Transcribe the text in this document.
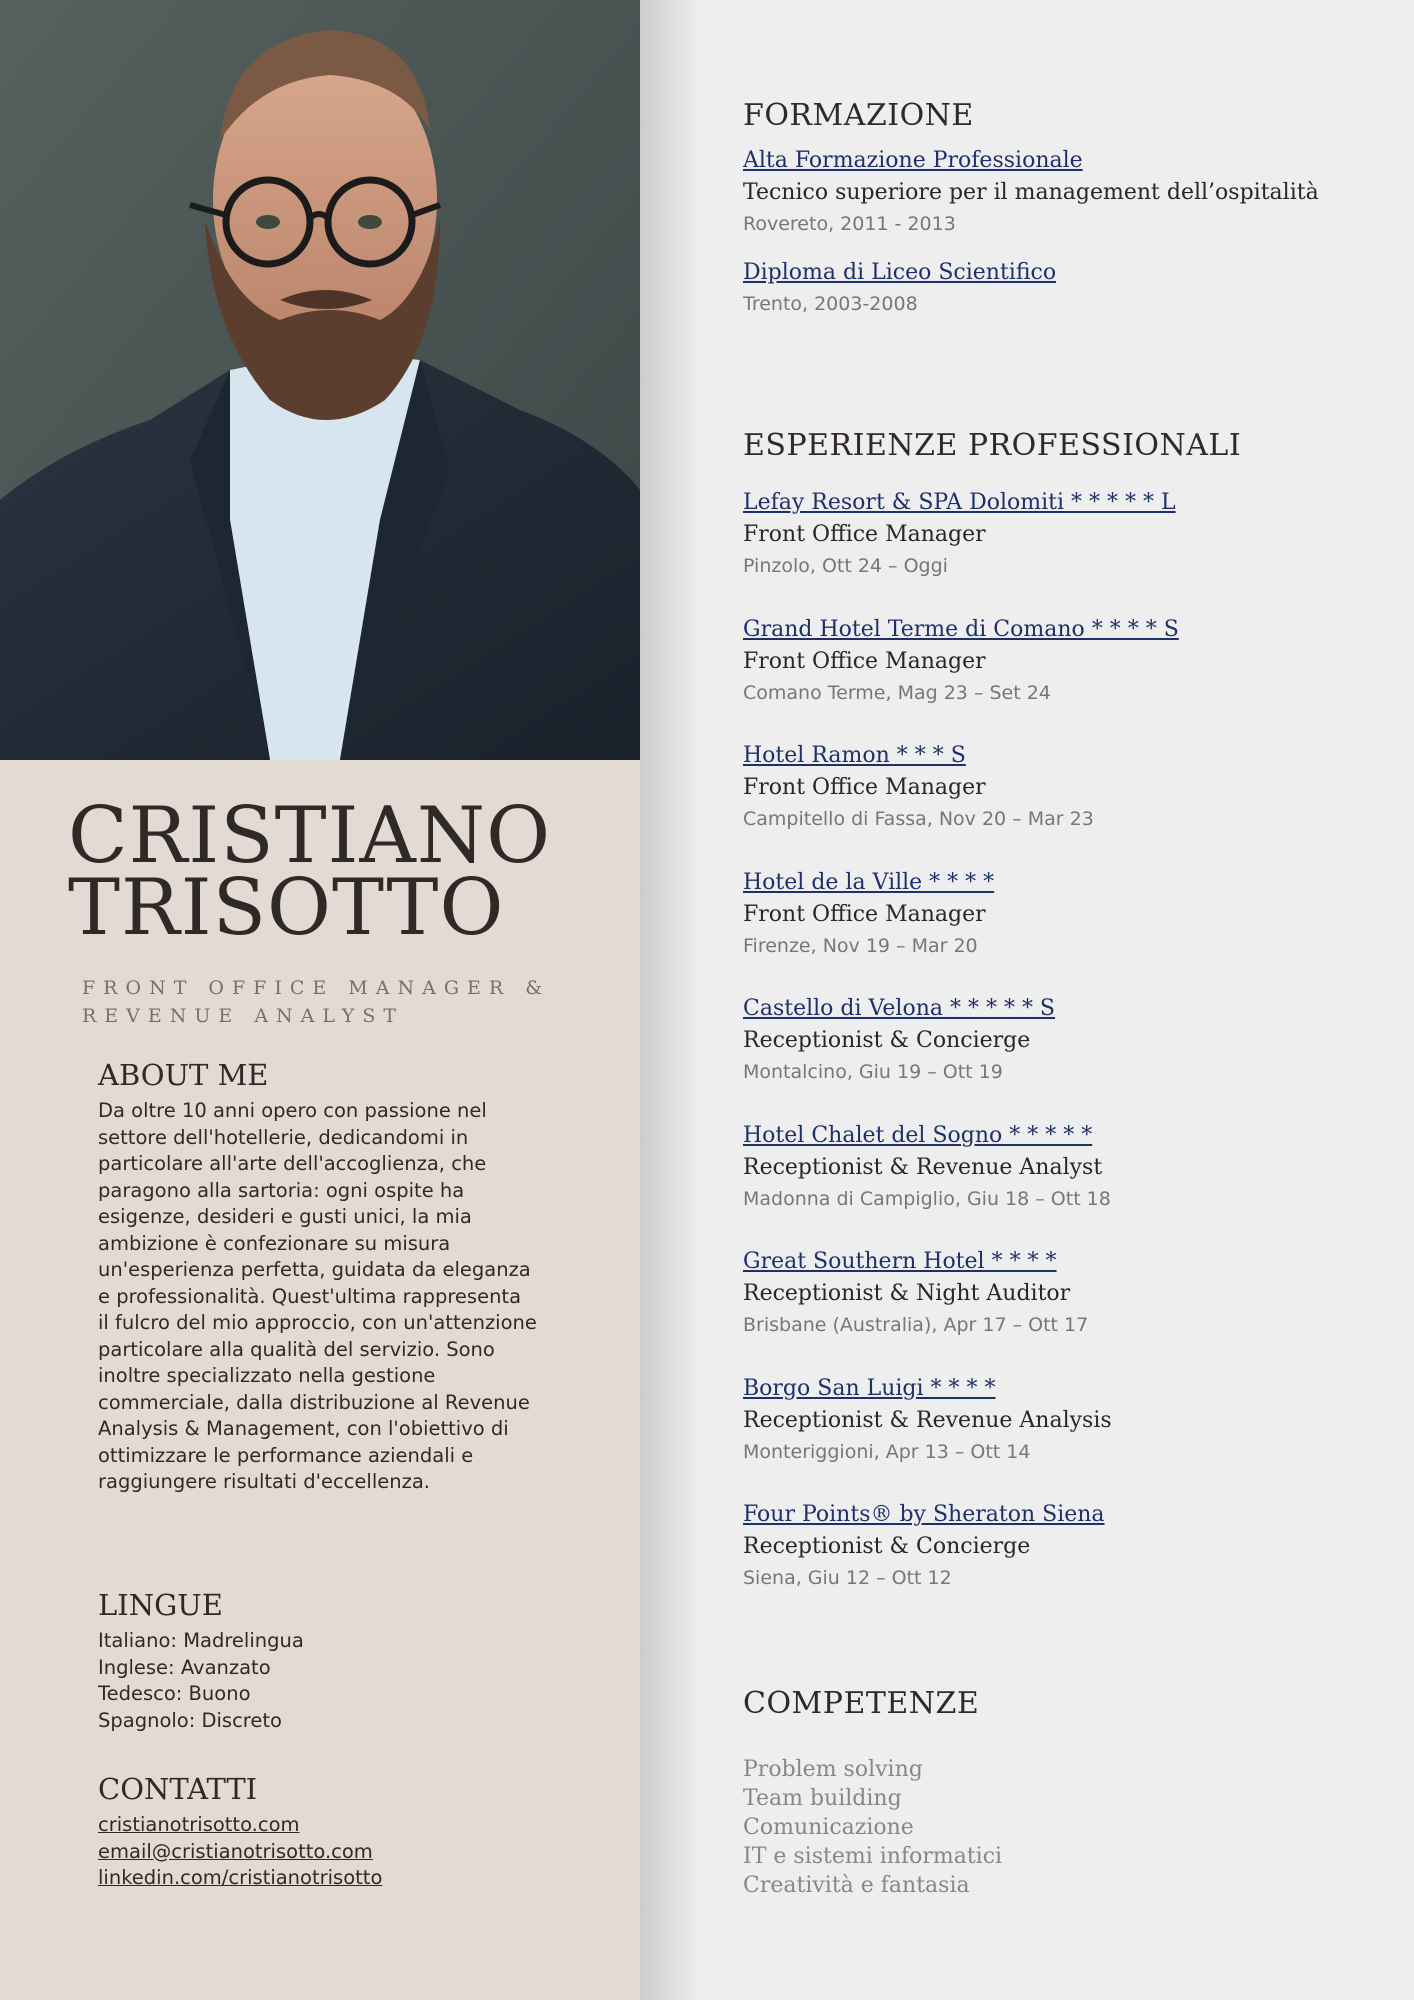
CRISTIANO
TRISOTTO
FRONT OFFICE MANAGER & REVENUE ANALYST
ABOUT ME

Da oltre 10 anni opero con passione nel settore dell'hotellerie, dedicandomi in particolare all'arte dell'accoglienza, che paragono alla sartoria: ogni ospite ha esigenze, desideri e gusti unici, la mia ambizione è confezionare su misura un'esperienza perfetta, guidata da eleganza e professionalità. Quest'ultima rappresenta il fulcro del mio approccio, con un'attenzione particolare alla qualità del servizio. Sono inoltre specializzato nella gestione commerciale, dalla distribuzione al Revenue Analysis & Management, con l'obiettivo di ottimizzare le performance aziendali e raggiungere risultati d'eccellenza.

LINGUE
Italiano: Madrelingua
Inglese: Avanzato
Tedesco: Buono
Spagnolo: Discreto
CONTATTI
cristianotrisotto.com
email@cristianotrisotto.com
linkedin.com/cristianotrisotto
FORMAZIONE
Alta Formazione Professionale
Tecnico superiore per il management dell’ospitalità
Rovereto, 2011 - 2013
Diploma di Liceo Scientifico
Trento, 2003-2008
ESPERIENZE PROFESSIONALI
Lefay Resort & SPA Dolomiti * * * * * L
Front Office Manager
Pinzolo, Ott 24 – Oggi
Grand Hotel Terme di Comano * * * * S
Front Office Manager
Comano Terme, Mag 23 – Set 24
Hotel Ramon * * * S
Front Office Manager
Campitello di Fassa, Nov 20 – Mar 23
Hotel de la Ville * * * *
Front Office Manager
Firenze, Nov 19 – Mar 20
Castello di Velona * * * * * S
Receptionist & Concierge
Montalcino, Giu 19 – Ott 19
Hotel Chalet del Sogno * * * * *
Receptionist & Revenue Analyst
Madonna di Campiglio, Giu 18 – Ott 18
Great Southern Hotel * * * *
Receptionist & Night Auditor
Brisbane (Australia), Apr 17 – Ott 17
Borgo San Luigi * * * *
Receptionist & Revenue Analysis
Monteriggioni, Apr 13 – Ott 14
Four Points® by Sheraton Siena
Receptionist & Concierge
Siena, Giu 12 – Ott 12
COMPETENZE
Problem solving
Team building
Comunicazione
IT e sistemi informatici
Creatività e fantasia
